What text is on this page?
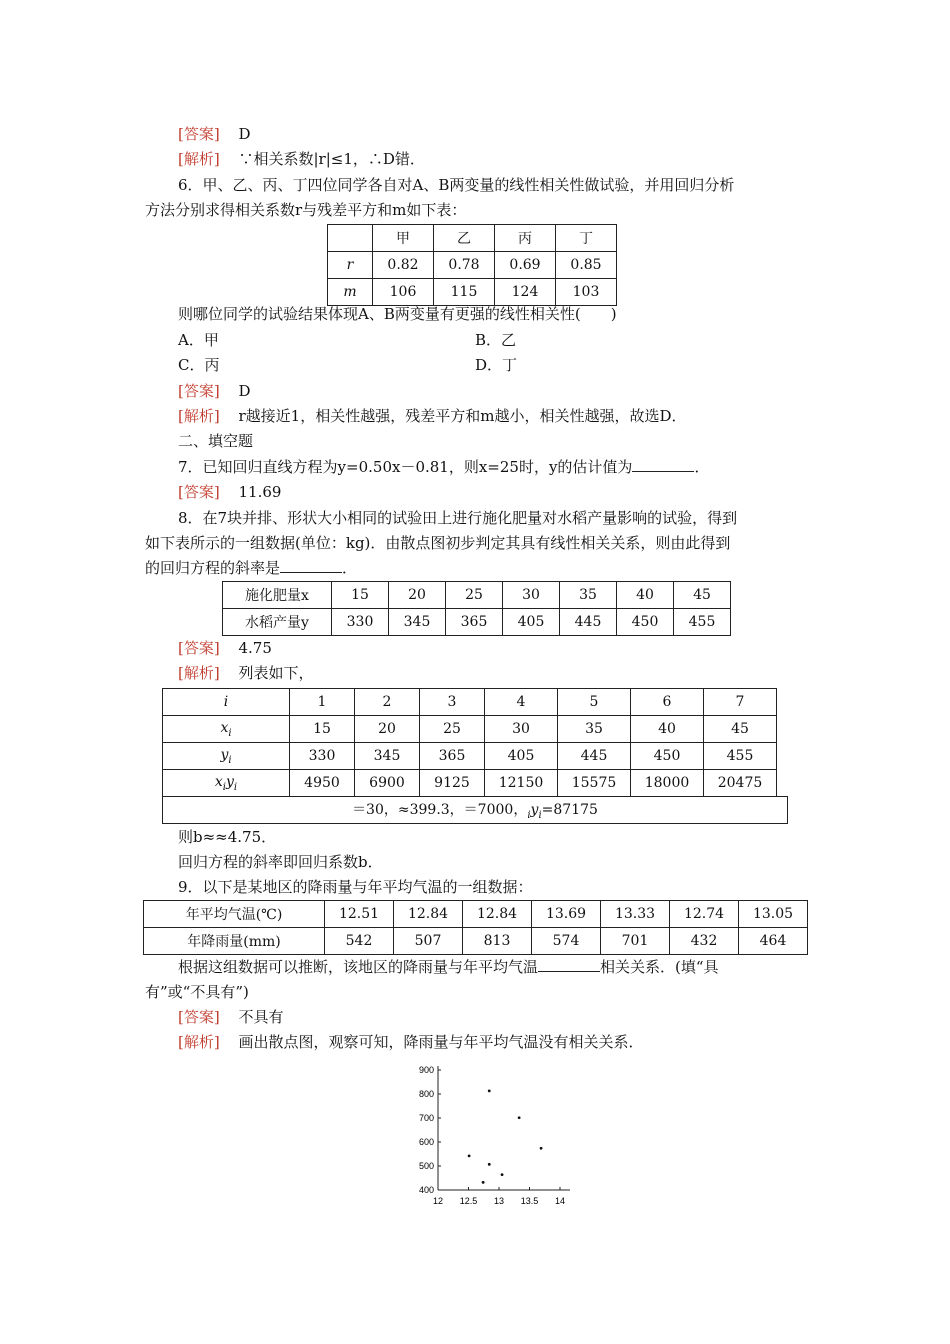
[答案] D
[解析] ∵相关系数|r|≤1，∴D错．
6．甲、乙、丙、丁四位同学各自对A、B两变量的线性相关性做试验，并用回归分析
方法分别求得相关系数r与残差平方和m如下表：
	甲	乙	丙	丁
r	0.82	0.78	0.69	0.85
m	106	115	124	103
则哪位同学的试验结果体现A、B两变量有更强的线性相关性(　　)
A．甲	B．乙
C．丙	D．丁
[答案] D
[解析] r越接近1，相关性越强，残差平方和m越小，相关性越强，故选D．
二、填空题
7．已知回归直线方程为y=0.50x－0.81，则x=25时，y的估计值为	．
[答案] 11.69
8．在7块并排、形状大小相同的试验田上进行施化肥量对水稻产量影响的试验，得到
如下表所示的一组数据(单位：kg)．由散点图初步判定其具有线性相关关系，则由此得到
的回归方程的斜率是	．
施化肥量x	15	20	25	30	35	40	45
水稻产量y	330	345	365	405	445	450	455
[答案] 4.75
[解析] 列表如下，
i	1	2	3	4	5	6	7
$x_i$	15	20	25	30	35	40	45
$y_i$	330	345	365	405	445	450	455
$x_iy_i$	4950	6900	9125	12150	15575	18000	20475
＝30，≈399.3，＝7000，$_iy_i=87175$
则b≈≈4.75．
回归方程的斜率即回归系数b．
9．以下是某地区的降雨量与年平均气温的一组数据：
年平均气温(℃)	12.51	12.84	12.84	13.69	13.33	12.74	13.05
年降雨量(mm)	542	507	813	574	701	432	464
根据这组数据可以推断，该地区的降雨量与年平均气温	相关关系．(填“具
有”或“不具有”)
[答案] 不具有
[解析] 画出散点图，观察可知，降雨量与年平均气温没有相关关系．
400
500
600
700
800
900
12 12.5 13 13.5 14
